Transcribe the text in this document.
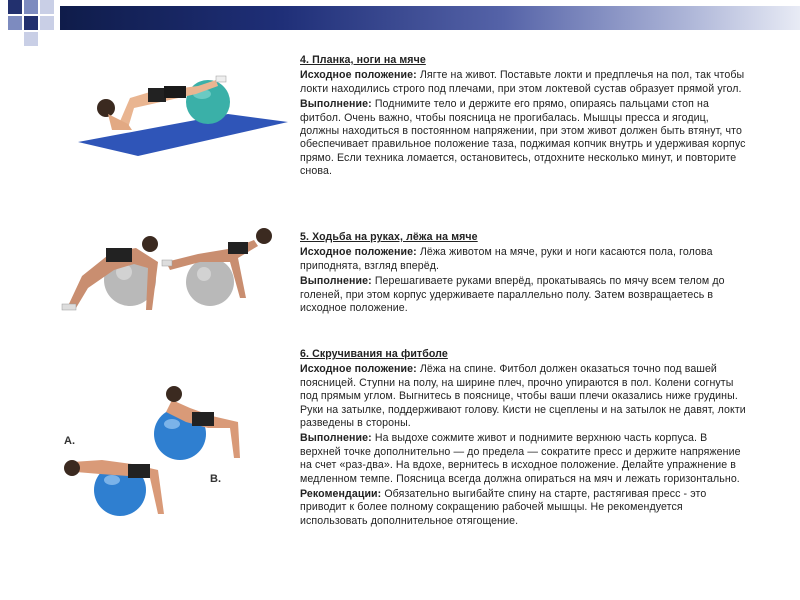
A.
B.

4. Планка, ноги на мяче

Исходное положение: Лягте на живот. Поставьте локти и предплечья на пол, так чтобы локти находились строго под плечами, при этом локтевой сустав образует прямой угол.

Выполнение: Поднимите тело и держите его прямо, опираясь пальцами стоп на фитбол. Очень важно, чтобы поясница не прогибалась. Мышцы пресса и ягодиц, должны находиться в постоянном напряжении, при этом живот должен быть втянут, что обеспечивает правильное положение таза, поджимая копчик внутрь и удерживая корпус прямо. Если техника ломается, остановитесь, отдохните несколько минут, и повторите снова.

5. Ходьба на руках, лёжа на мяче

Исходное положение: Лёжа животом на мяче, руки и ноги касаются пола, голова приподнята, взгляд вперёд.

Выполнение: Перешагиваете руками вперёд, прокатываясь по мячу всем телом до голеней, при этом корпус удерживаете параллельно полу. Затем возвращаетесь в исходное положение.

6. Скручивания на фитболе

Исходное положение: Лёжа на спине. Фитбол должен оказаться точно под вашей поясницей. Ступни на полу, на ширине плеч, прочно упираются в пол. Колени согнуты под прямым углом. Выгнитесь в пояснице, чтобы ваши плечи оказались ниже грудины. Руки на затылке, поддерживают голову. Кисти не сцеплены и на затылок не давят, локти разведены в стороны.

Выполнение: На выдохе сожмите живот и поднимите верхнюю часть корпуса. В верхней точке дополнительно — до предела — сократите пресс и держите напряжение на счет «раз-два». На вдохе, вернитесь в исходное положение. Делайте упражнение в медленном темпе. Поясница всегда должна опираться на мяч и лежать горизонтально.

Рекомендации: Обязательно выгибайте спину на старте, растягивая пресс - это приводит к более полному сокращению рабочей мышцы. Не рекомендуется использовать дополнительное отягощение.
